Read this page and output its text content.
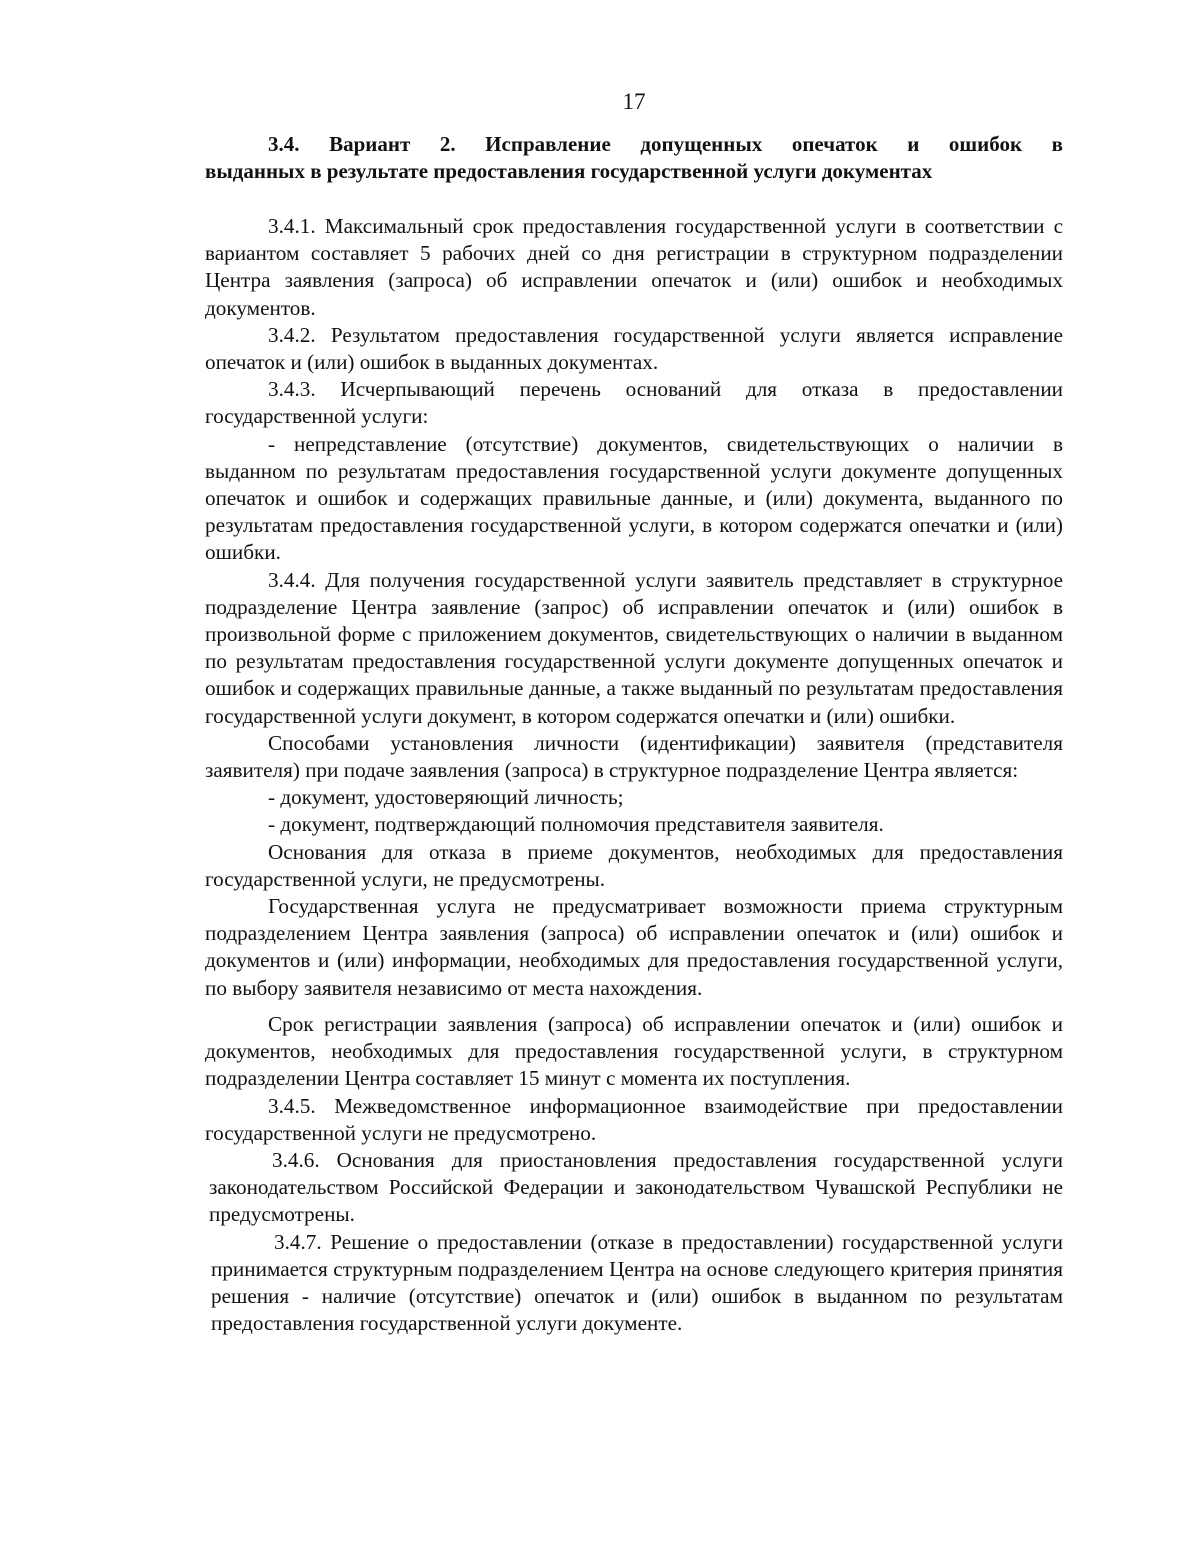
17
3.4. Вариант 2. Исправление допущенных опечаток и ошибок в
выданных в результате предоставления государственной услуги документах

3.4.1. Максимальный срок предоставления государственной услуги в соответствии с вариантом составляет 5 рабочих дней со дня регистрации в структурном подразделении Центра заявления (запроса) об исправлении опечаток и (или) ошибок и необходимых документов.

3.4.2. Результатом предоставления государственной услуги является исправление опечаток и (или) ошибок в выданных документах.

3.4.3. Исчерпывающий перечень оснований для отказа в предоставлении государственной услуги:

- непредставление (отсутствие) документов, свидетельствующих о наличии в выданном по результатам предоставления государственной услуги документе допущенных опечаток и ошибок и содержащих правильные данные, и (или) документа, выданного по результатам предоставления государственной услуги, в котором содержатся опечатки и (или) ошибки.

3.4.4. Для получения государственной услуги заявитель представляет в структурное подразделение Центра заявление (запрос) об исправлении опечаток и (или) ошибок в произвольной форме с приложением документов, свидетельствующих о наличии в выданном по результатам предоставления государственной услуги документе допущенных опечаток и ошибок и содержащих правильные данные, а также выданный по результатам предоставления государственной услуги документ, в котором содержатся опечатки и (или) ошибки.

Способами установления личности (идентификации) заявителя (представителя заявителя) при подаче заявления (запроса) в структурное подразделение Центра является:

- документ, удостоверяющий личность;

- документ, подтверждающий полномочия представителя заявителя.

Основания для отказа в приеме документов, необходимых для предоставления государственной услуги, не предусмотрены.

Государственная услуга не предусматривает возможности приема структурным подразделением Центра заявления (запроса) об исправлении опечаток и (или) ошибок и документов и (или) информации, необходимых для предоставления государственной услуги, по выбору заявителя независимо от места нахождения.

Срок регистрации заявления (запроса) об исправлении опечаток и (или) ошибок и документов, необходимых для предоставления государственной услуги, в структурном подразделении Центра составляет 15 минут с момента их поступления.

3.4.5. Межведомственное информационное взаимодействие при предоставлении государственной услуги не предусмотрено.

3.4.6. Основания для приостановления предоставления государственной услуги законодательством Российской Федерации и законодательством Чувашской Республики не предусмотрены.

3.4.7. Решение о предоставлении (отказе в предоставлении) государственной услуги принимается структурным подразделением Центра на основе следующего критерия принятия решения - наличие (отсутствие) опечаток и (или) ошибок в выданном по результатам предоставления государственной услуги документе.
